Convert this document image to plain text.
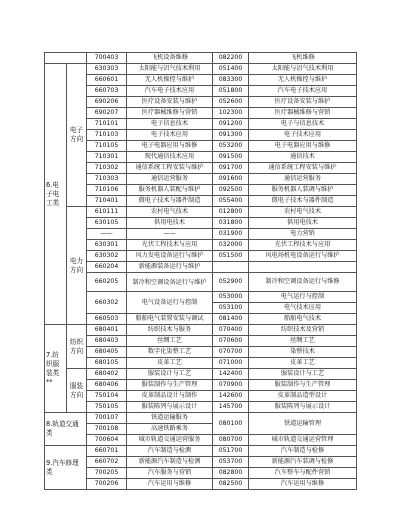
		700403	飞机设备维修	082200	飞机维修
6.电子电工类	电子方向	630303	太阳能与沼气技术利用	051400	太阳能与沼气技术利用
		660601	无人机操控与维护	083300	无人机操控与维护
		660703	汽车电子技术应用	051800	汽车电子技术应用
		690206	医疗设备安装与维护	052600	医疗设备安装与维护
		690207	医疗器械维修与营销	102300	医疗器械维修与营销
		710101	电子信息技术	091200	电子与信息技术
		710103	电子技术应用	091300	电子技术应用
		710105	电子电器应用与维修	053200	电子电器应用与维修
		710301	现代通信技术应用	091500	通信技术
		710302	通信系统工程安装与维护	091700	通信系统工程安装与维护
		710303	通信运营服务	091600	通信运营服务
		710106	服务机器人装配与维护	092500	服务机器人装调与维护
		710401	微电子技术与器件制造	055400	微电子技术与器件制造
	电力方向	610111	农村电气技术	012800	农村电气技术
		630105	供用电技术	031800	供用电技术
		——	——	031900	电力营销
		630301	光伏工程技术与应用	032000	光伏工程技术与应用
		630302	风力发电设备运行与维护	051500	风电场机电设备运行与维护
		660204	新能源装备运行与维护		
		660205	制冷和空调设备运行与维护	052900	制冷和空调设备运行与维修
		660302	电气设备运行与控制	053000	电气运行与控制
				053100	电气技术应用
		660503	船舶电气装置安装与调试	081400	船舶电气技术
7.纺织服装类**	纺织方向	680401	纺织技术与服务	070400	纺织技术及营销
		680403	丝绸工艺	070600	丝绸工艺
		680405	数字化染整工艺	070700	染整技术
		680105	皮革工艺	071000	皮革工艺
	服装方向	680402	服装设计与工艺	142400	服装设计与工艺
		680406	服装制作与生产管理	070900	服装制作与生产管理
		750104	皮革制品设计与制作	142600	皮革制品造型设计
		750105	服装陈列与展示设计	145700	服装陈列与展示设计
8.轨道交通类		700107	铁道运输服务	080100	铁道运输管理
		700108	高速铁路乘务		
		700604	城市轨道交通运营服务	080700	城市轨道交通运营管理
9.汽车修理类		660701	汽车制造与检测	051700	汽车制造与检修
		660702	新能源汽车制造与检测	053700	新能源汽车装调与检修
		700205	汽车服务与营销	082800	汽车整车与配件营销
		700206	汽车运用与维修	082500	汽车运用与维修
